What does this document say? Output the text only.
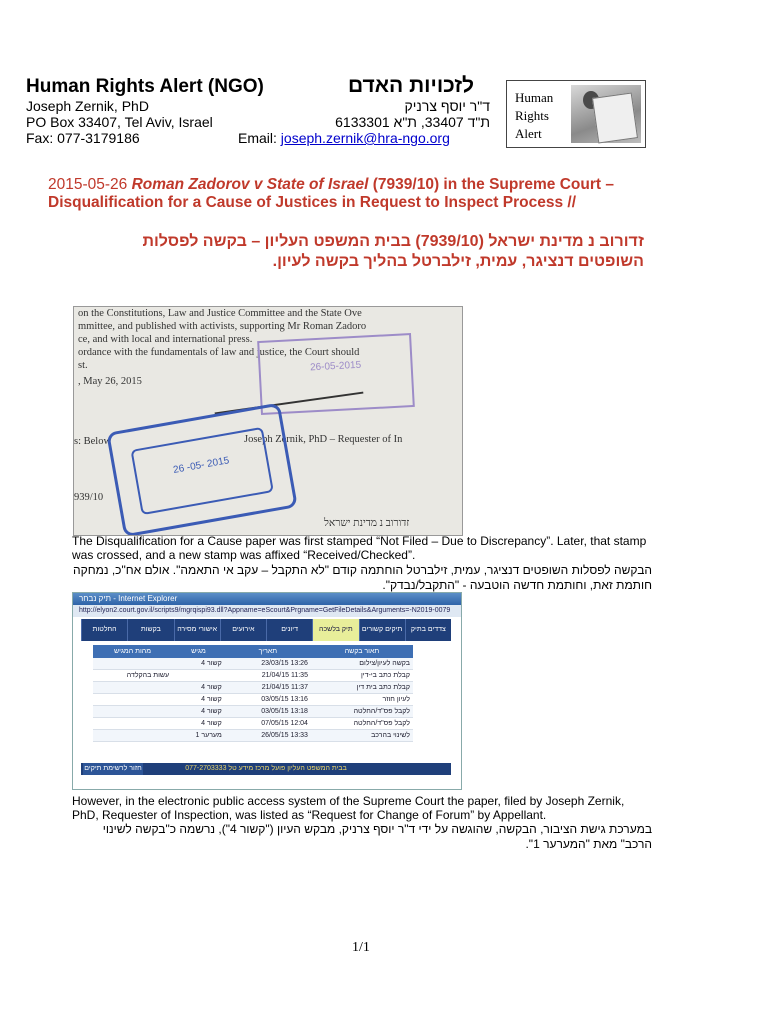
Human Rights Alert (NGO)	לזכויות האדם
Joseph Zernik, PhD	ד"ר יוסף צרניק
PO Box 33407, Tel Aviv, Israel	ת"ד 33407, ת"א 6133301
Fax: 077-3179186	Email: joseph.zernik@hra-ngo.org
Human
Rights
Alert
2015-05-26 Roman Zadorov v State of Israel (7939/10) in the Supreme Court – Disqualification for a Cause of Justices in Request to Inspect Process //
זדורוב נ מדינת ישראל (7939/10) בבית המשפט העליון – בקשה לפסלות השופטים דנציגר, עמית, זילברטל בהליך בקשה לעיון.
on the Constitutions, Law and Justice Committee and the State Ove
mmittee, and published with activists, supporting Mr Roman Zadoro
ce, and with local and international press.
ordance with the fundamentals of law and justice, the Court should
st.
, May 26, 2015
s: Below	Joseph Zernik, PhD – Requester of In
939/10
זדורוב נ מדינת ישראל
26-05-2015
26 -05- 2015
The Disqualification for a Cause paper was first stamped “Not Filed – Due to Discrepancy”. Later, that stamp was crossed, and a new stamp was affixed “Received/Checked”.
הבקשה לפסלות השופטים דנציגר, עמית, זילברטל הוחתמה קודם "לא התקבל – עקב אי התאמה". אולם אח"כ, נמחקה חותמת זאת, וחותמת חדשה הוטבעה - "התקבל/נבדק".
תיק נבחר - Internet Explorer
http://elyon2.court.gov.il/scripts9/mgrqispi93.dll?Appname=eScourt&Prgname=GetFileDetails&Arguments=-N2019-0079
צדדים בתיק
תיקים קשורים
תיק בלשכה
דיונים
אירועים
אישורי מסירה
בקשות
החלטות
תאור בקשה	תאריך	מגיש	מהות המגיש
בקשה לעיון/צילום	13:26 23/03/15	קשור 4	
קבלת כתב בי-דין	11:35 21/04/15		עשות בהקלדה
קבלת כתב בית דין	11:37 21/04/15	קשור 4	
לעיון חוזר	13:16 03/05/15	קשור 4	
לקבל פס"ד/החלטה	13:18 03/05/15	קשור 4	
לקבל פס"ד/החלטה	12:04 07/05/15	קשור 4	
לשינוי בהרכב	13:33 26/05/15	מערער 1	
בבית המשפט העליון פועל מרכז מידע טל 077-2703333
חזור לרשימת תיקים
However, in the electronic public access system of the Supreme Court the paper, filed by Joseph Zernik, PhD, Requester of Inspection, was listed as “Request for Change of Forum” by Appellant.
במערכת גישת הציבור, הבקשה, שהוגשה על ידי ד"ר יוסף צרניק, מבקש העיון ("קשור 4"), נרשמה כ"בקשה לשינוי הרכב" מאת "המערער 1".
1/1
